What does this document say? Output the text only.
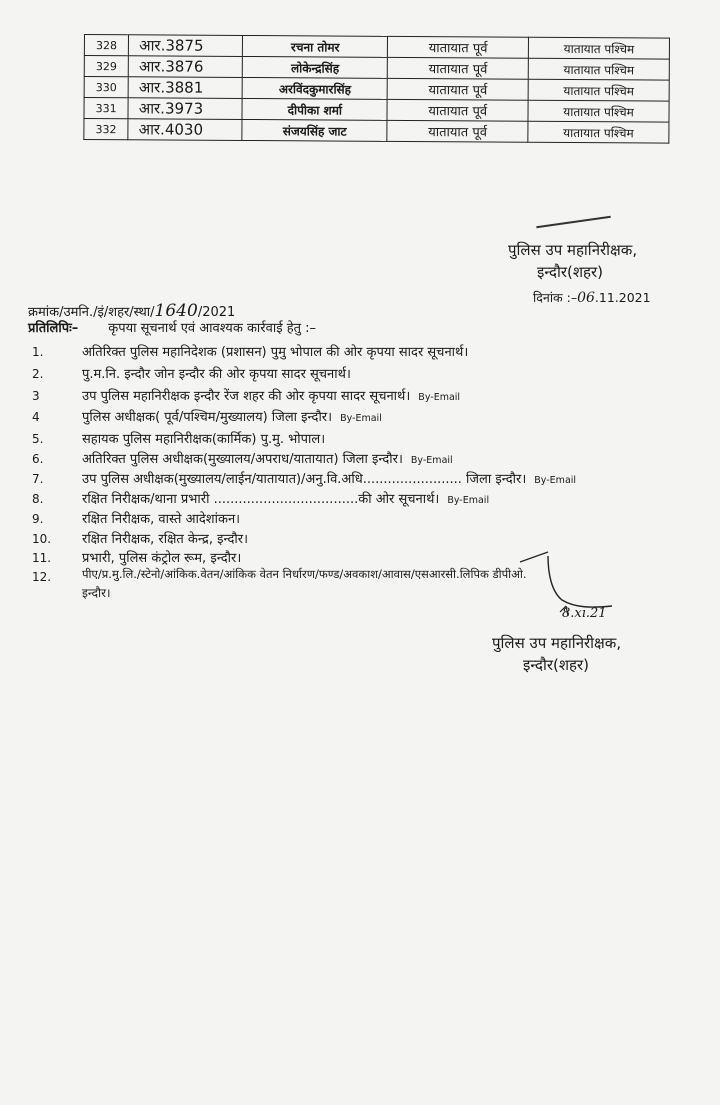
328	आर.3875	रचना तोमर	यातायात पूर्व	यातायात पश्चिम
329	आर.3876	लोकेन्द्रसिंह	यातायात पूर्व	यातायात पश्चिम
330	आर.3881	अरविंदकुमारसिंह	यातायात पूर्व	यातायात पश्चिम
331	आर.3973	दीपीका शर्मा	यातायात पूर्व	यातायात पश्चिम
332	आर.4030	संजयसिंह जाट	यातायात पूर्व	यातायात पश्चिम
पुलिस उप महानिरीक्षक,
इन्दौर(शहर)
दिनांक :–06.11.2021
क्रमांक/उमनि./इं/शहर/स्था/1640/2021
प्रतिलिपिः– कृपया सूचनार्थ एवं आवश्यक कार्रवाई हेतु :–
1.	अतिरिक्त पुलिस महानिदेशक (प्रशासन) पुमु भोपाल की ओर कृपया सादर सूचनार्थ।
2.	पु.म.नि. इन्दौर जोन इन्दौर की ओर कृपया सादर सूचनार्थ।
3	उप पुलिस महानिरीक्षक इन्दौर रेंज शहर की ओर कृपया सादर सूचनार्थ। By-Email
4	पुलिस अधीक्षक( पूर्व/पश्चिम/मुख्यालय) जिला इन्दौर। By-Email
5.	सहायक पुलिस महानिरीक्षक(कार्मिक) पु.मु. भोपाल।
6.	अतिरिक्त पुलिस अधीक्षक(मुख्यालय/अपराध/यातायात) जिला इन्दौर। By-Email
7.	उप पुलिस अधीक्षक(मुख्यालय/लाईन/यातायात)/अनु.वि.अधि........................ जिला इन्दौर। By-Email
8.	रक्षित निरीक्षक/थाना प्रभारी ...................................की ओर सूचनार्थ। By-Email
9.	रक्षित निरीक्षक, वास्ते आदेशांकन।
10. रक्षित निरीक्षक, रक्षित केन्द्र, इन्दौर।
11. प्रभारी, पुलिस कंट्रोल रूम, इन्दौर।
12.	पीए/प्र.मु.लि./स्टेनो/आंकिक.वेतन/आंकिक वेतन निर्धारण/फण्ड/अवकाश/आवास/एसआरसी.लिपिक डीपीओ.
इन्दौर।
8.xı.21
पुलिस उप महानिरीक्षक,
इन्दौर(शहर)
